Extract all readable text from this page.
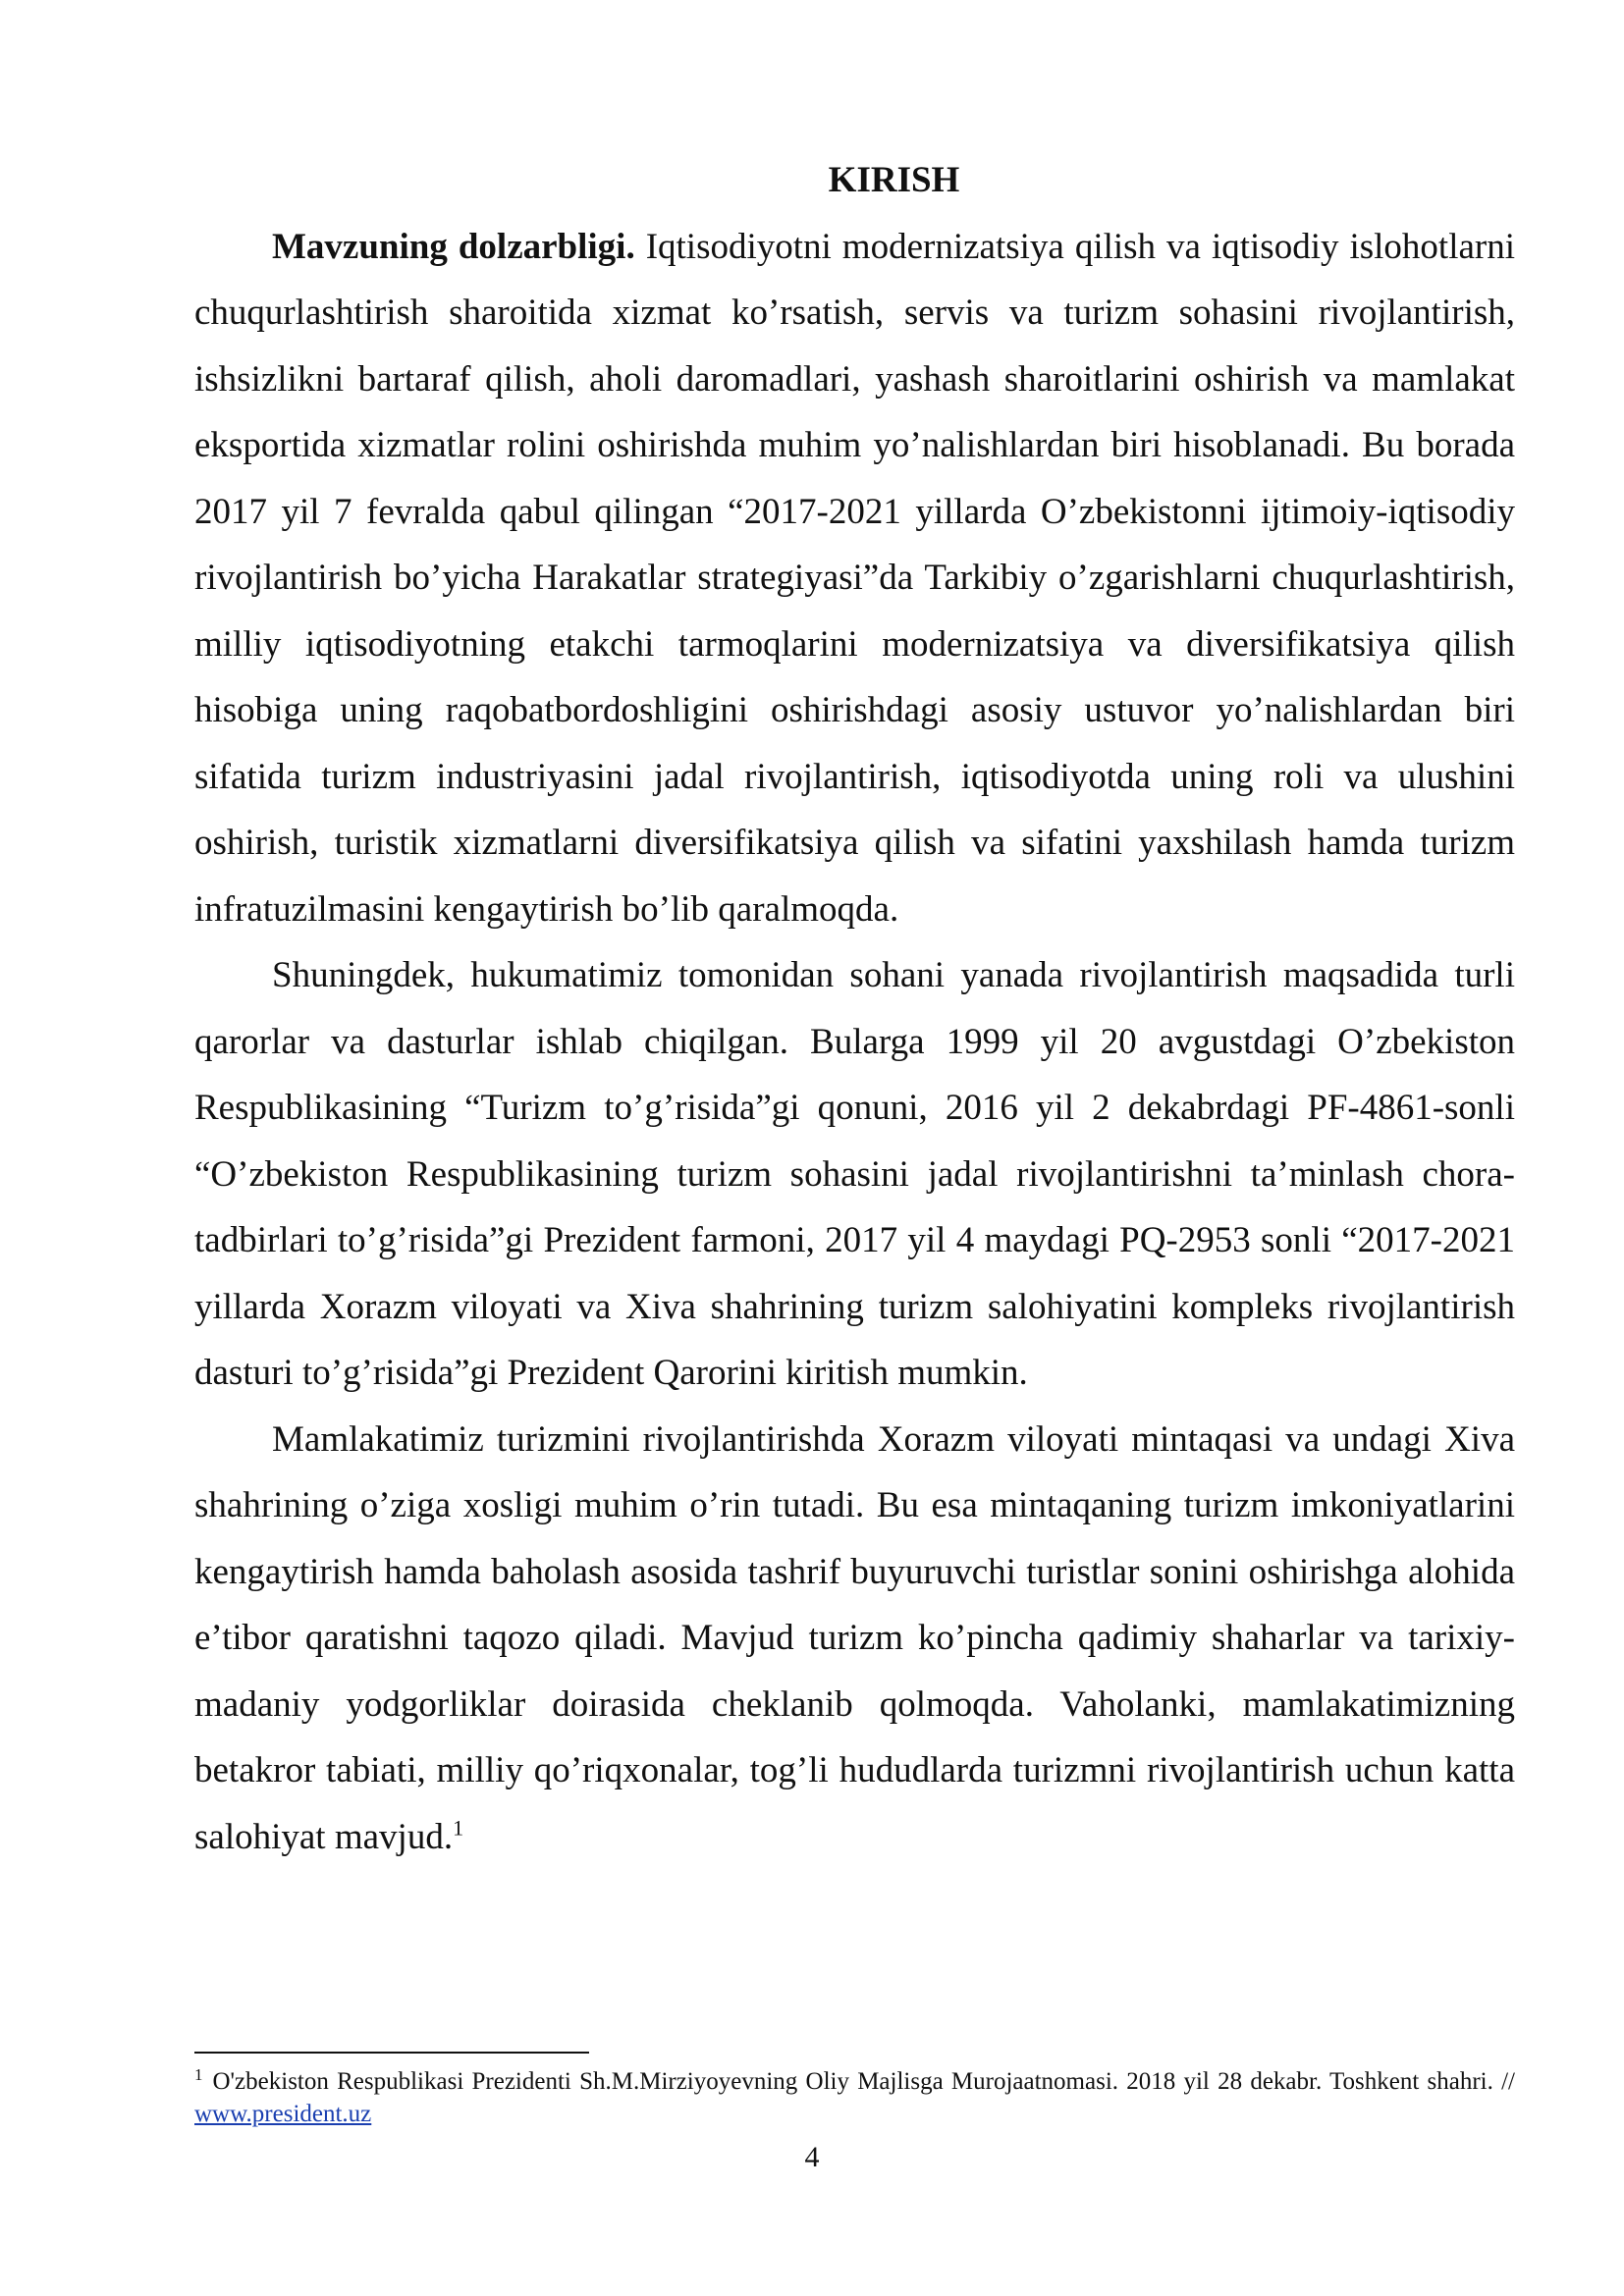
KIRISH

Mavzuning dolzarbligi. Iqtisodiyotni modernizatsiya qilish va iqtisodiy islohotlarni chuqurlashtirish sharoitida xizmat ko’rsatish, servis va turizm sohasini rivojlantirish, ishsizlikni bartaraf qilish, aholi daromadlari, yashash sharoitlarini oshirish va mamlakat eksportida xizmatlar rolini oshirishda muhim yo’nalishlardan biri hisoblanadi. Bu borada 2017 yil 7 fevralda qabul qilingan “2017-2021 yillarda O’zbekistonni ijtimoiy-iqtisodiy rivojlantirish bo’yicha Harakatlar strategiyasi”da Tarkibiy o’zgarishlarni chuqurlashtirish, milliy iqtisodiyotning etakchi tarmoqlarini modernizatsiya va diversifikatsiya qilish hisobiga uning raqobatbordoshligini oshirishdagi asosiy ustuvor yo’nalishlardan biri sifatida turizm industriyasini jadal rivojlantirish, iqtisodiyotda uning roli va ulushini oshirish, turistik xizmatlarni diversifikatsiya qilish va sifatini yaxshilash hamda turizm infratuzilmasini kengaytirish bo’lib qaralmoqda.

Shuningdek, hukumatimiz tomonidan sohani yanada rivojlantirish maqsadida turli qarorlar va dasturlar ishlab chiqilgan. Bularga 1999 yil 20 avgustdagi O’zbekiston Respublikasining “Turizm to’g’risida”gi qonuni, 2016 yil 2 dekabrdagi PF-4861-sonli “O’zbekiston Respublikasining turizm sohasini jadal rivojlantirishni ta’minlash chora-tadbirlari to’g’risida”gi Prezident farmoni, 2017 yil 4 maydagi PQ-2953 sonli “2017-2021 yillarda Xorazm viloyati va Xiva shahrining turizm salohiyatini kompleks rivojlantirish dasturi to’g’risida”gi Prezident Qarorini kiritish mumkin.

Mamlakatimiz turizmini rivojlantirishda Xorazm viloyati mintaqasi va undagi Xiva shahrining o’ziga xosligi muhim o’rin tutadi. Bu esa mintaqaning turizm imkoniyatlarini kengaytirish hamda baholash asosida tashrif buyuruvchi turistlar sonini oshirishga alohida e’tibor qaratishni taqozo qiladi. Mavjud turizm ko’pincha qadimiy shaharlar va tarixiy-madaniy yodgorliklar doirasida cheklanib qolmoqda. Vaholanki, mamlakatimizning betakror tabiati, milliy qo’riqxonalar, tog’li hududlarda turizmni rivojlantirish uchun katta salohiyat mavjud.$^1$

$^1$ O'zbekiston Respublikasi Prezidenti Sh.M.Mirziyoyevning Oliy Majlisga Murojaatnomasi. 2018 yil 28 dekabr. Toshkent shahri. // www.president.uz

4
